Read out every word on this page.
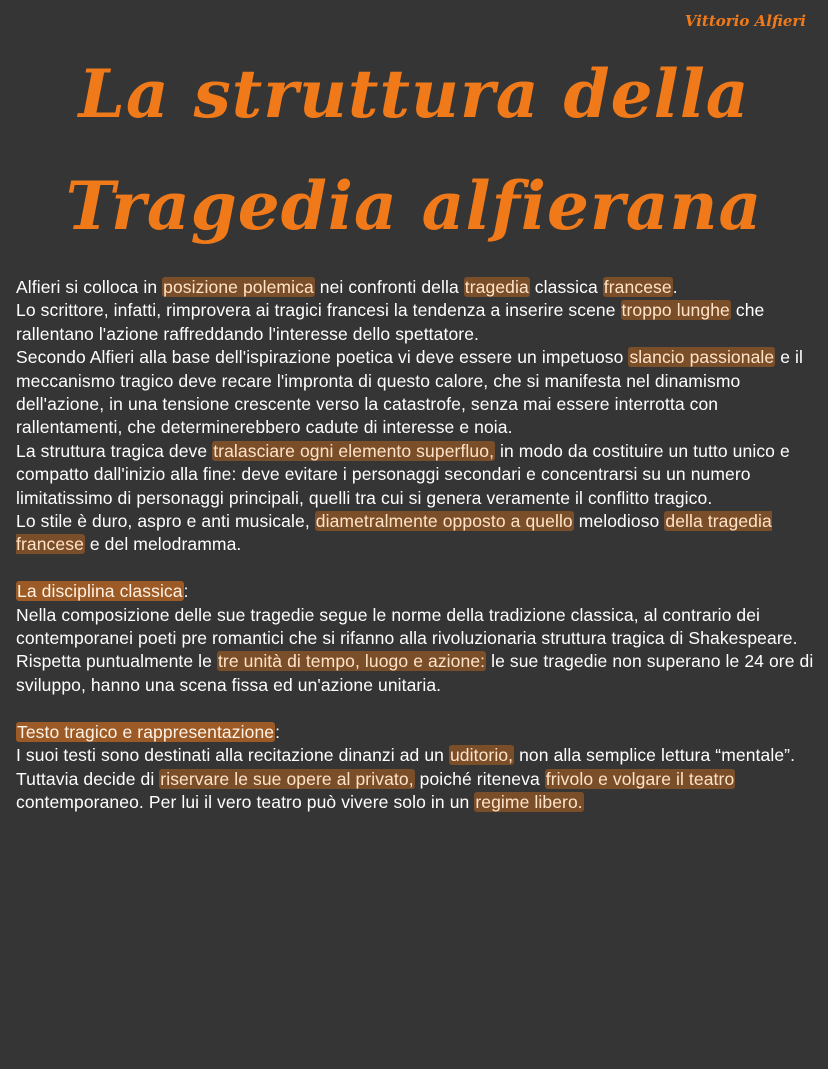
Vittorio Alfieri
La struttura della
Tragedia alfierana

Alfieri si colloca in posizione polemica nei confronti della tragedia classica francese.

Lo scrittore, infatti, rimprovera ai tragici francesi la tendenza a inserire scene troppo lunghe che rallentano l'azione raffreddando l'interesse dello spettatore.

Secondo Alfieri alla base dell'ispirazione poetica vi deve essere un impetuoso slancio passionale e il meccanismo tragico deve recare l'impronta di questo calore, che si manifesta nel dinamismo dell'azione, in una tensione crescente verso la catastrofe, senza mai essere interrotta con rallentamenti, che determinerebbero cadute di interesse e noia.

La struttura tragica deve tralasciare ogni elemento superfluo, in modo da costituire un tutto unico e compatto dall'inizio alla fine: deve evitare i personaggi secondari e concentrarsi su un numero limitatissimo di personaggi principali, quelli tra cui si genera veramente il conflitto tragico.

Lo stile è duro, aspro e anti musicale, diametralmente opposto a quello melodioso della tragedia francese e del melodramma.

La disciplina classica:

Nella composizione delle sue tragedie segue le norme della tradizione classica, al contrario dei contemporanei poeti pre romantici che si rifanno alla rivoluzionaria struttura tragica di Shakespeare.

Rispetta puntualmente le tre unità di tempo, luogo e azione: le sue tragedie non superano le 24 ore di sviluppo, hanno una scena fissa ed un'azione unitaria.

Testo tragico e rappresentazione:

I suoi testi sono destinati alla recitazione dinanzi ad un uditorio, non alla semplice lettura “mentale”. Tuttavia decide di riservare le sue opere al privato, poiché riteneva frivolo e volgare il teatro contemporaneo. Per lui il vero teatro può vivere solo in un regime libero.
